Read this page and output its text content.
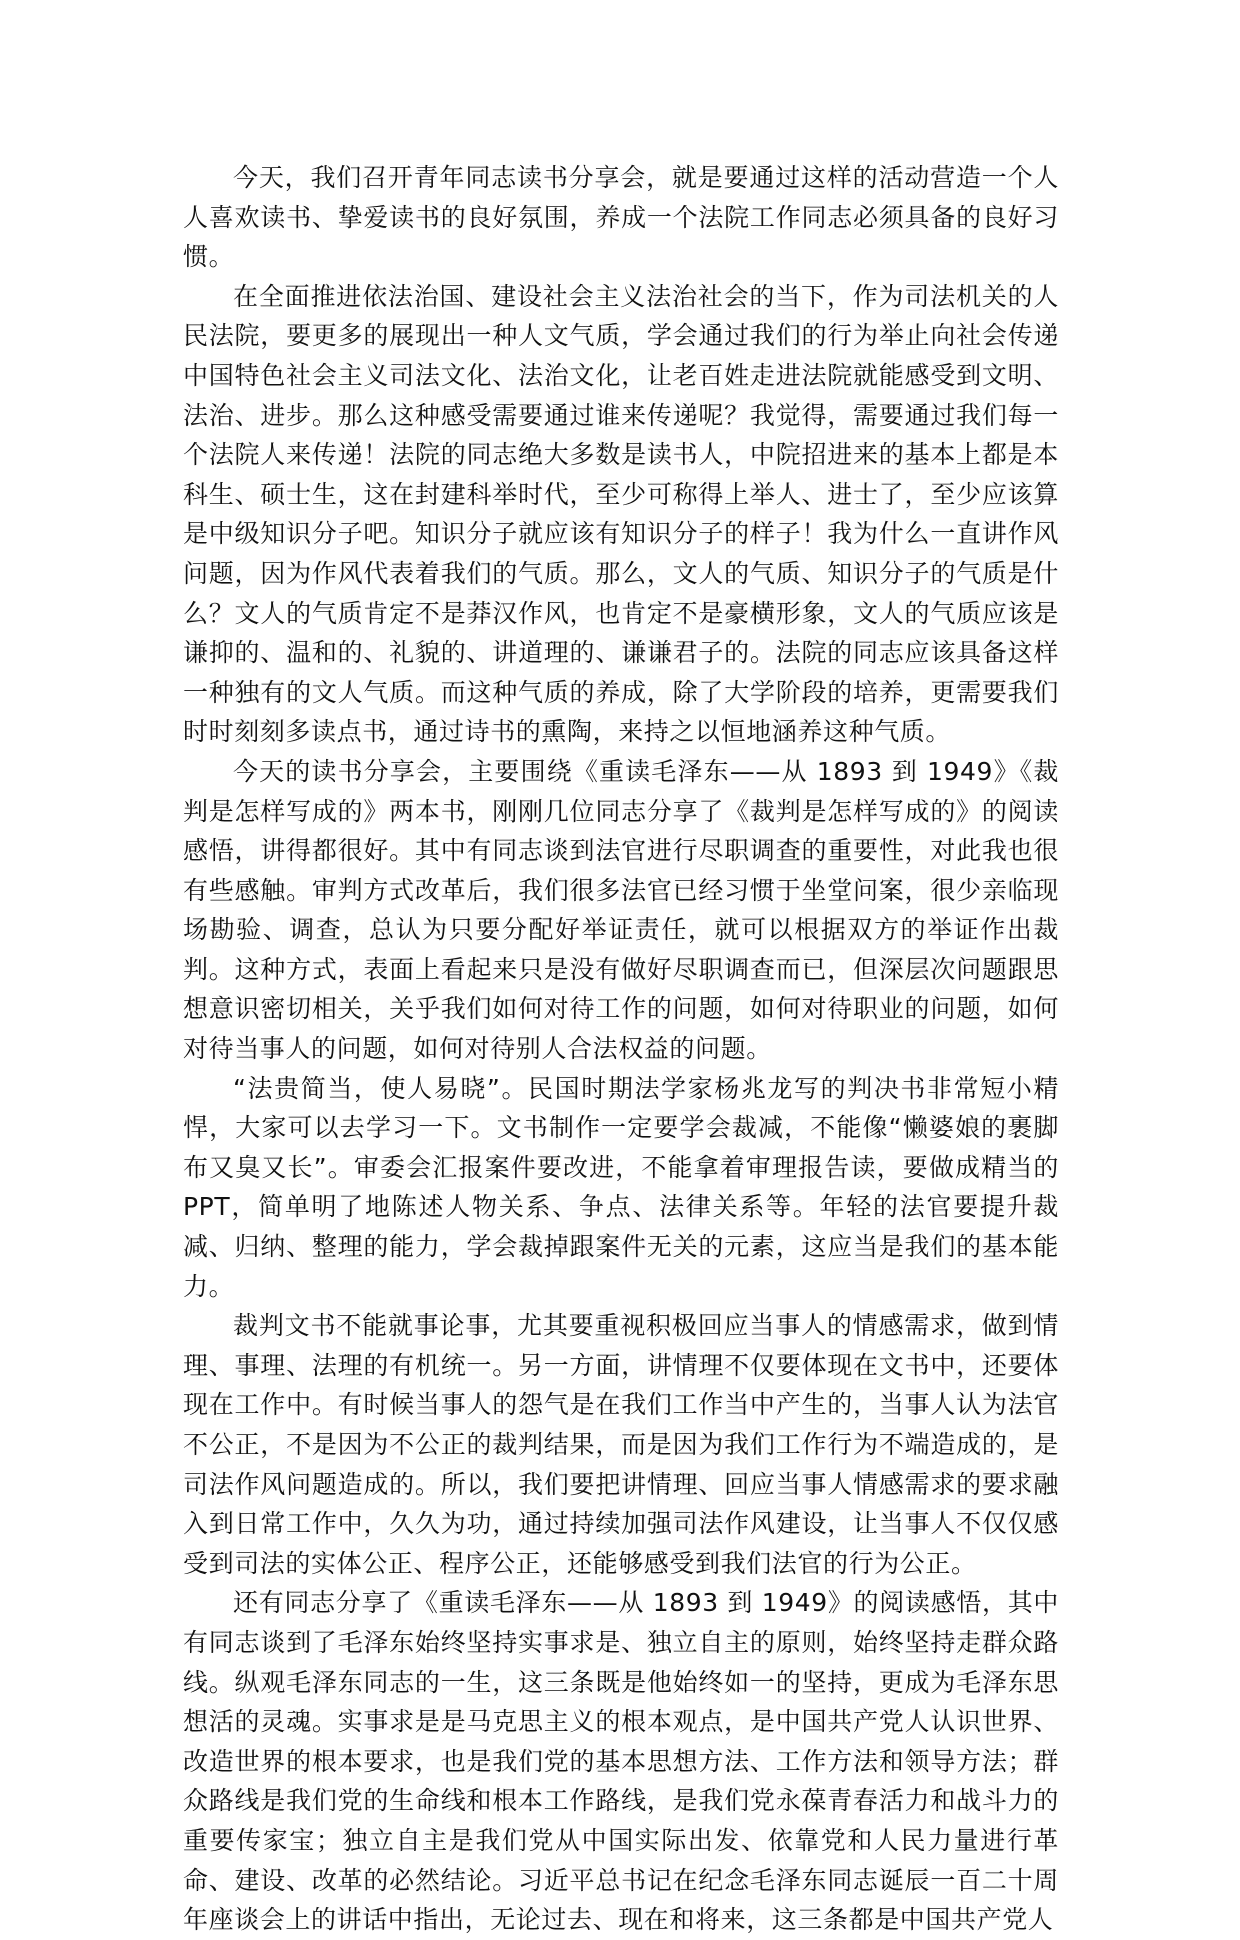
今天，我们召开青年同志读书分享会，就是要通过这样的活动营造一个人人喜欢读书、挚爱读书的良好氛围，养成一个法院工作同志必须具备的良好习惯。

在全面推进依法治国、建设社会主义法治社会的当下，作为司法机关的人民法院，要更多的展现出一种人文气质，学会通过我们的行为举止向社会传递中国特色社会主义司法文化、法治文化，让老百姓走进法院就能感受到文明、法治、进步。那么这种感受需要通过谁来传递呢？我觉得，需要通过我们每一个法院人来传递！法院的同志绝大多数是读书人，中院招进来的基本上都是本科生、硕士生，这在封建科举时代，至少可称得上举人、进士了，至少应该算是中级知识分子吧。知识分子就应该有知识分子的样子！我为什么一直讲作风问题，因为作风代表着我们的气质。那么，文人的气质、知识分子的气质是什么？文人的气质肯定不是莽汉作风，也肯定不是豪横形象，文人的气质应该是谦抑的、温和的、礼貌的、讲道理的、谦谦君子的。法院的同志应该具备这样一种独有的文人气质。而这种气质的养成，除了大学阶段的培养，更需要我们时时刻刻多读点书，通过诗书的熏陶，来持之以恒地涵养这种气质。

今天的读书分享会，主要围绕《重读毛泽东——从 1893 到 1949》《裁判是怎样写成的》两本书，刚刚几位同志分享了《裁判是怎样写成的》的阅读感悟，讲得都很好。其中有同志谈到法官进行尽职调查的重要性，对此我也很有些感触。审判方式改革后，我们很多法官已经习惯于坐堂问案，很少亲临现场勘验、调查，总认为只要分配好举证责任，就可以根据双方的举证作出裁判。这种方式，表面上看起来只是没有做好尽职调查而已，但深层次问题跟思想意识密切相关，关乎我们如何对待工作的问题，如何对待职业的问题，如何对待当事人的问题，如何对待别人合法权益的问题。

“法贵简当，使人易晓”。民国时期法学家杨兆龙写的判决书非常短小精悍，大家可以去学习一下。文书制作一定要学会裁减，不能像“懒婆娘的裹脚布又臭又长”。审委会汇报案件要改进，不能拿着审理报告读，要做成精当的 PPT，简单明了地陈述人物关系、争点、法律关系等。年轻的法官要提升裁减、归纳、整理的能力，学会裁掉跟案件无关的元素，这应当是我们的基本能力。

裁判文书不能就事论事，尤其要重视积极回应当事人的情感需求，做到情理、事理、法理的有机统一。另一方面，讲情理不仅要体现在文书中，还要体现在工作中。有时候当事人的怨气是在我们工作当中产生的，当事人认为法官不公正，不是因为不公正的裁判结果，而是因为我们工作行为不端造成的，是司法作风问题造成的。所以，我们要把讲情理、回应当事人情感需求的要求融入到日常工作中，久久为功，通过持续加强司法作风建设，让当事人不仅仅感受到司法的实体公正、程序公正，还能够感受到我们法官的行为公正。

还有同志分享了《重读毛泽东——从 1893 到 1949》的阅读感悟，其中有同志谈到了毛泽东始终坚持实事求是、独立自主的原则，始终坚持走群众路线。纵观毛泽东同志的一生，这三条既是他始终如一的坚持，更成为毛泽东思想活的灵魂。实事求是是马克思主义的根本观点，是中国共产党人认识世界、改造世界的根本要求，也是我们党的基本思想方法、工作方法和领导方法；群众路线是我们党的生命线和根本工作路线，是我们党永葆青春活力和战斗力的重要传家宝；独立自主是我们党从中国实际出发、依靠党和人民力量进行革命、建设、改革的必然结论。习近平总书记在纪念毛泽东同志诞辰一百二十周年座谈会上的讲话中指出，无论过去、现在和将来，这三条都是中国共产党人
